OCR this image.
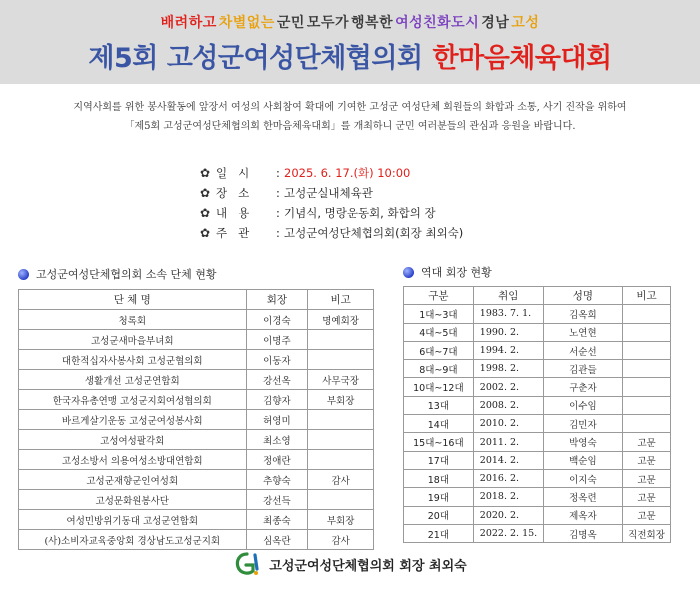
배려하고 차별없는 군민 모두가 행복한 여성친화도시 경남 고성
제5회 고성군여성단체협의회 한마음체육대회
지역사회를 위한 봉사활동에 앞장서 여성의 사회참여 확대에 기여한 고성군 여성단체 회원들의 화합과 소통, 사기 진작을 위하여
「제5회 고성군여성단체협의회 한마음체육대회」를 개최하니 군민 여러분들의 관심과 응원을 바랍니다.
✿ 일시	: 2025. 6. 17.(화) 10:00
✿ 장소	: 고성군실내체육관
✿ 내용	: 기념식, 명랑운동회, 화합의 장
✿ 주관	: 고성군여성단체협의회(회장 최외숙)
고성군여성단체협의회 소속 단체 현황
단 체 명	회장	비고
청록회	이경숙	명예회장
고성군새마을부녀회	이명주	
대한적십자사봉사회 고성군협의회	이동자	
생활개선 고성군연합회	강선옥	사무국장
한국자유총연맹 고성군지회여성협의회	김향자	부회장
바르게살기운동 고성군여성봉사회	허영미	
고성여성팔각회	최소영	
고성소방서 의용여성소방대연합회	정애란	
고성군재향군인여성회	추향숙	감사
고성문화원봉사단	강선득	
여성민방위기동대 고성군연합회	최종숙	부회장
(사)소비자교육중앙회 경상남도고성군지회	심옥란	감사
역대 회장 현황
구분	취임	성명	비고
1대~3대	1983. 7. 1.	김옥희	
4대~5대	1990. 2.	노연현	
6대~7대	1994. 2.	서순선	
8대~9대	1998. 2.	김관들	
10대~12대	2002. 2.	구춘자	
13대	2008. 2.	이수임	
14대	2010. 2.	김민자	
15대~16대	2011. 2.	박영숙	고문
17대	2014. 2.	백순임	고문
18대	2016. 2.	이지숙	고문
19대	2018. 2.	정옥련	고문
20대	2020. 2.	제옥자	고문
21대	2022. 2. 15.	김명옥	직전회장
고성군여성단체협의회 회장 최외숙
